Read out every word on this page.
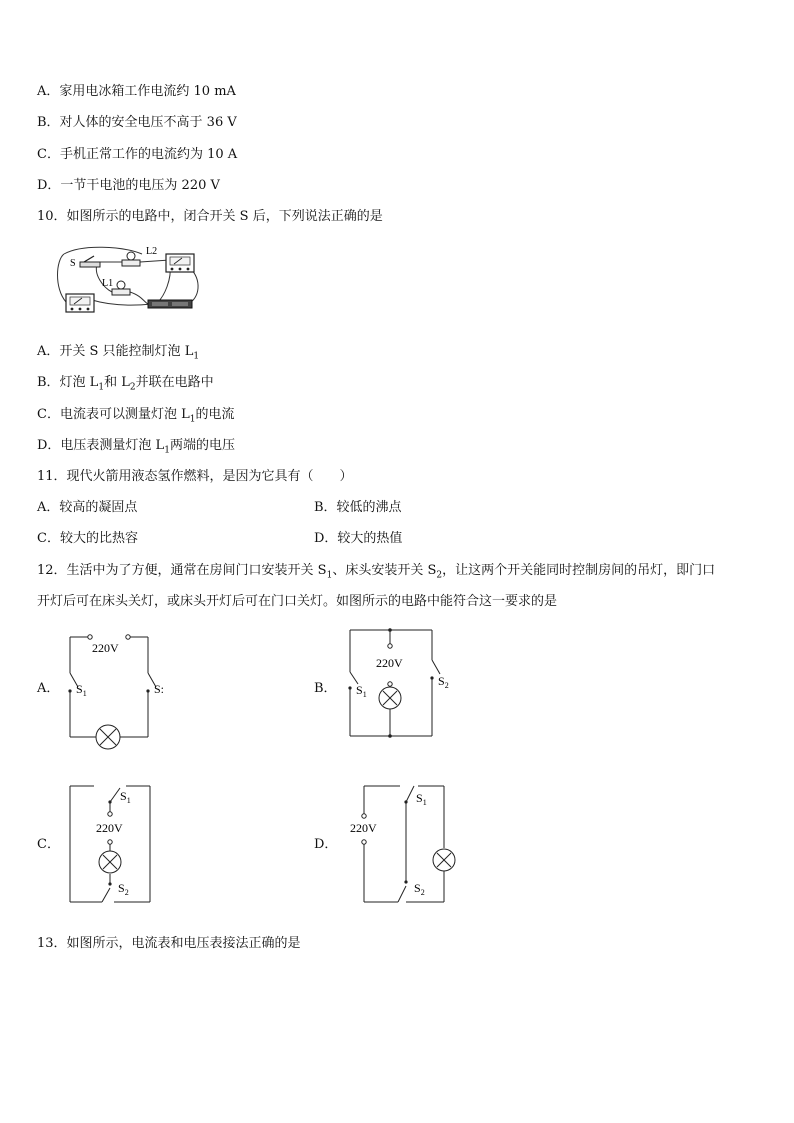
A．家用电冰箱工作电流约 10 mA
B．对人体的安全电压不高于 36 V
C．手机正常工作的电流约为 10 A
D．一节干电池的电压为 220 V
10．如图所示的电路中，闭合开关 S 后，下列说法正确的是
S
L2
L1
A．开关 S 只能控制灯泡 $L_1$
B．灯泡 $L_1$和 $L_2$并联在电路中
C．电流表可以测量灯泡 $L_1$的电流
D．电压表测量灯泡 $L_1$两端的电压
11．现代火箭用液态氢作燃料，是因为它具有（　　）
A．较高的凝固点	B．较低的沸点
C．较大的比热容	D．较大的热值
12．生活中为了方便，通常在房间门口安装开关 $S_1$、床头安装开关 $S_2$，让这两个开关能同时控制房间的吊灯，即门口
开灯后可在床头关灯，或床头开灯后可在门口关灯。如图所示的电路中能符合这一要求的是
A．	B．
C．	D．
220V
$S_1$	S:
220V
$S_1$
$S_2$
$S_1$
220V
$S_2$
220V
$S_1$
$S_2$
13．如图所示，电流表和电压表接法正确的是
